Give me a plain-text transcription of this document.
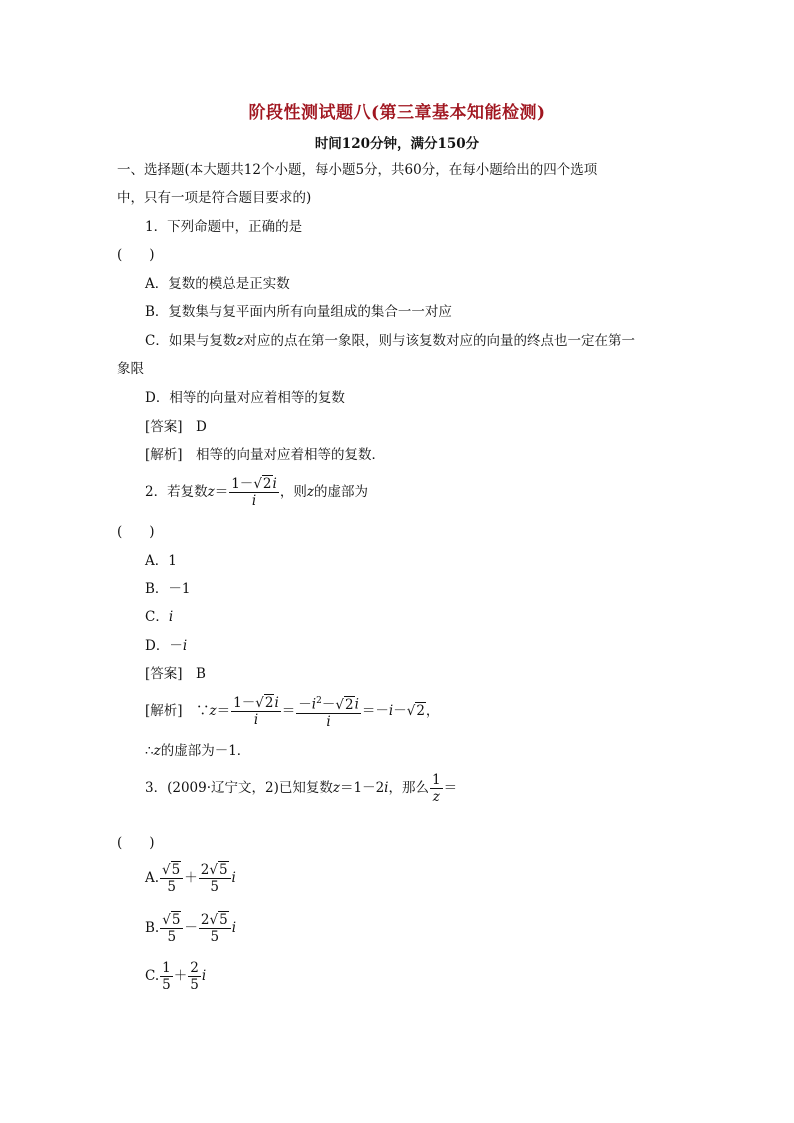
阶段性测试题八(第三章基本知能检测)
时间120分钟，满分150分
一、选择题(本大题共12个小题，每小题5分，共60分，在每小题给出的四个选项
中，只有一项是符合题目要求的)
1．下列命题中，正确的是
(　　)
A．复数的模总是正实数
B．复数集与复平面内所有向量组成的集合一一对应
C．如果与复数z对应的点在第一象限，则与该复数对应的向量的终点也一定在第一
象限
D．相等的向量对应着相等的复数
[答案]　D
[解析]　相等的向量对应着相等的复数．
2．若复数$z= \frac{1-√2i}{i}$ ，则z的虚部为
(　　)
A．1
B．－1
C．i
D．－i
[答案]　B
[解析]　∵z＝ $\frac{1-√2i}{i} = \frac{-i^2-√2i}{i} =-i-√2$，
∴z的虚部为－1．
3．(2009·辽宁文，2)已知复数z＝1－2i，那么 $\frac{1}{z}$ ＝
(　　)
A. $\frac{√5}{5} + \frac{2√5}{5}$ i
B. $\frac{√5}{5} - \frac{2√5}{5}$ i
C. $\frac{1}{5} + \frac{2}{5}$ i
